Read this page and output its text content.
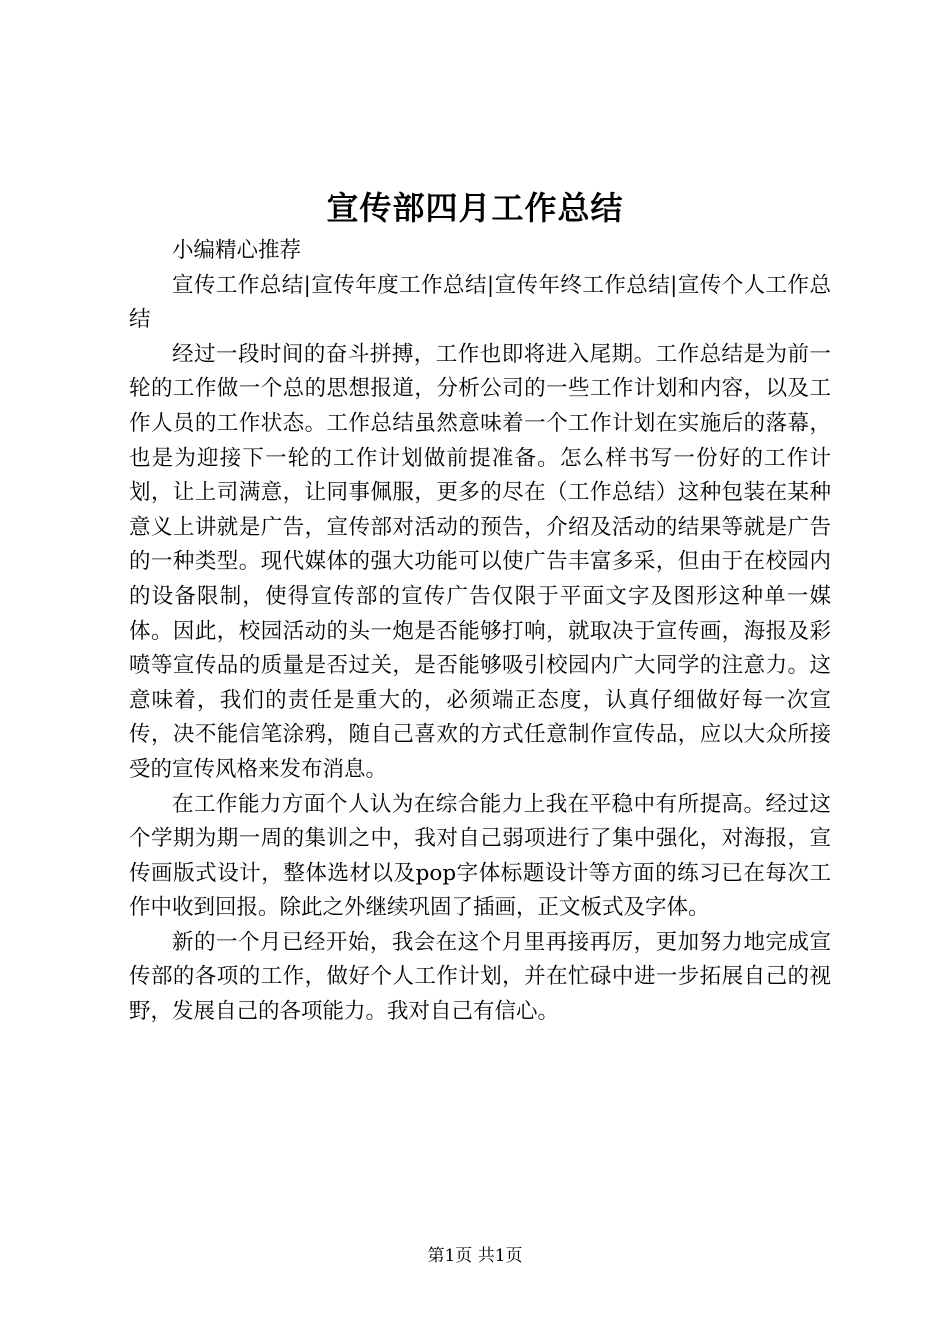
宣传部四月工作总结

小编精心推荐

宣传工作总结|宣传年度工作总结|宣传年终工作总结|宣传个人工作总结

经过一段时间的奋斗拼搏，工作也即将进入尾期。工作总结是为前一轮的工作做一个总的思想报道，分析公司的一些工作计划和内容，以及工作人员的工作状态。工作总结虽然意味着一个工作计划在实施后的落幕，也是为迎接下一轮的工作计划做前提准备。怎么样书写一份好的工作计划，让上司满意，让同事佩服，更多的尽在（工作总结）这种包装在某种意义上讲就是广告，宣传部对活动的预告，介绍及活动的结果等就是广告的一种类型。现代媒体的强大功能可以使广告丰富多采，但由于在校园内的设备限制，使得宣传部的宣传广告仅限于平面文字及图形这种单一媒体。因此，校园活动的头一炮是否能够打响，就取决于宣传画，海报及彩喷等宣传品的质量是否过关，是否能够吸引校园内广大同学的注意力。这意味着，我们的责任是重大的，必须端正态度，认真仔细做好每一次宣传，决不能信笔涂鸦，随自己喜欢的方式任意制作宣传品，应以大众所接受的宣传风格来发布消息。

在工作能力方面个人认为在综合能力上我在平稳中有所提高。经过这个学期为期一周的集训之中，我对自己弱项进行了集中强化，对海报，宣传画版式设计，整体选材以及pop字体标题设计等方面的练习已在每次工作中收到回报。除此之外继续巩固了插画，正文板式及字体。

新的一个月已经开始，我会在这个月里再接再厉，更加努力地完成宣传部的各项的工作，做好个人工作计划，并在忙碌中进一步拓展自己的视野，发展自己的各项能力。我对自己有信心。

第1页 共1页
